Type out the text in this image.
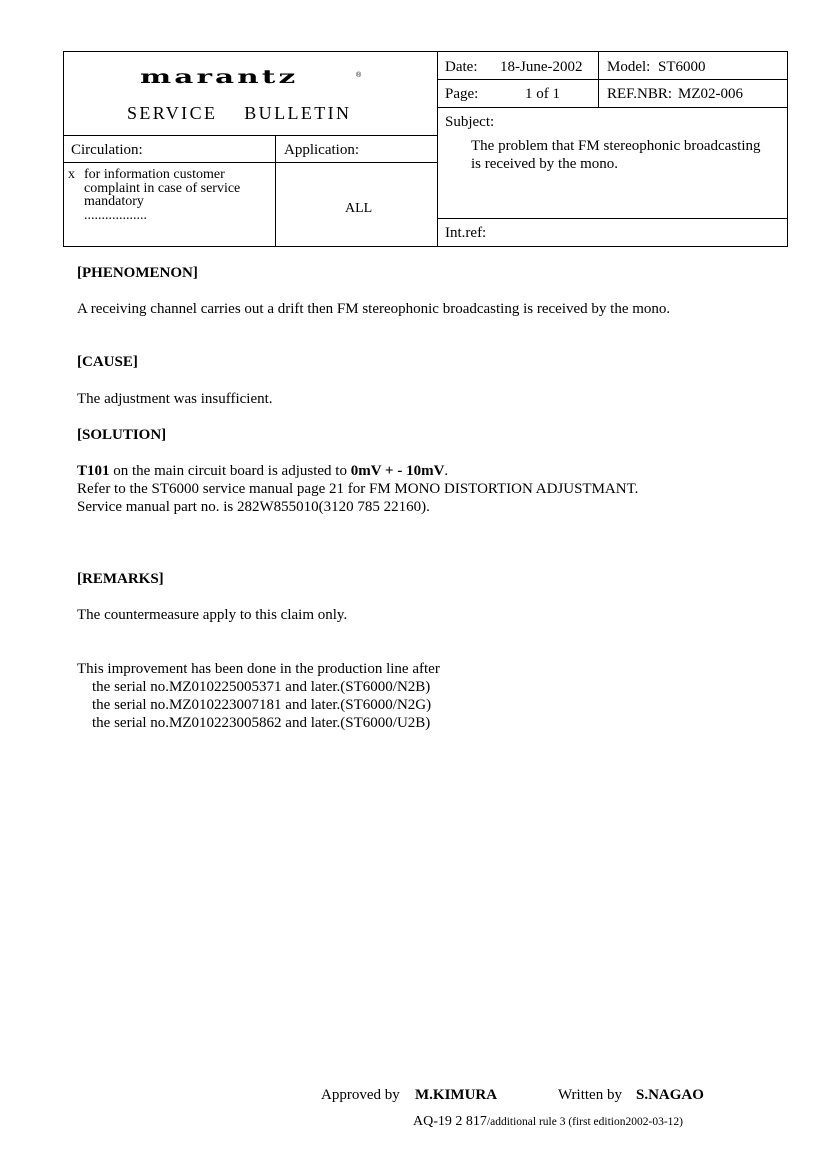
marantz	®
SERVICE BULLETIN
Date: 18-June-2002 Model: ST6000
Page:	1 of 1	REF.NBR: MZ02-006
Subject:
The problem that FM stereophonic broadcasting
is received by the mono.
Int.ref:
Circulation:	Application:
x for information customer
complaint in case of service
mandatory
..................	ALL
[PHENOMENON]
A receiving channel carries out a drift then FM stereophonic broadcasting is received by the mono.
[CAUSE]
The adjustment was insufficient.
[SOLUTION]
T101 on the main circuit board is adjusted to 0mV + - 10mV.
Refer to the ST6000 service manual page 21 for FM MONO DISTORTION ADJUSTMANT.
Service manual part no. is 282W855010(3120 785 22160).
[REMARKS]
The countermeasure apply to this claim only.
This improvement has been done in the production line after
the serial no.MZ010225005371 and later.(ST6000/N2B)
the serial no.MZ010223007181 and later.(ST6000/N2G)
the serial no.MZ010223005862 and later.(ST6000/U2B)
Approved by M.KIMURA	Written by S.NAGAO
AQ-19 2 817/additional rule 3 (first edition2002-03-12)
